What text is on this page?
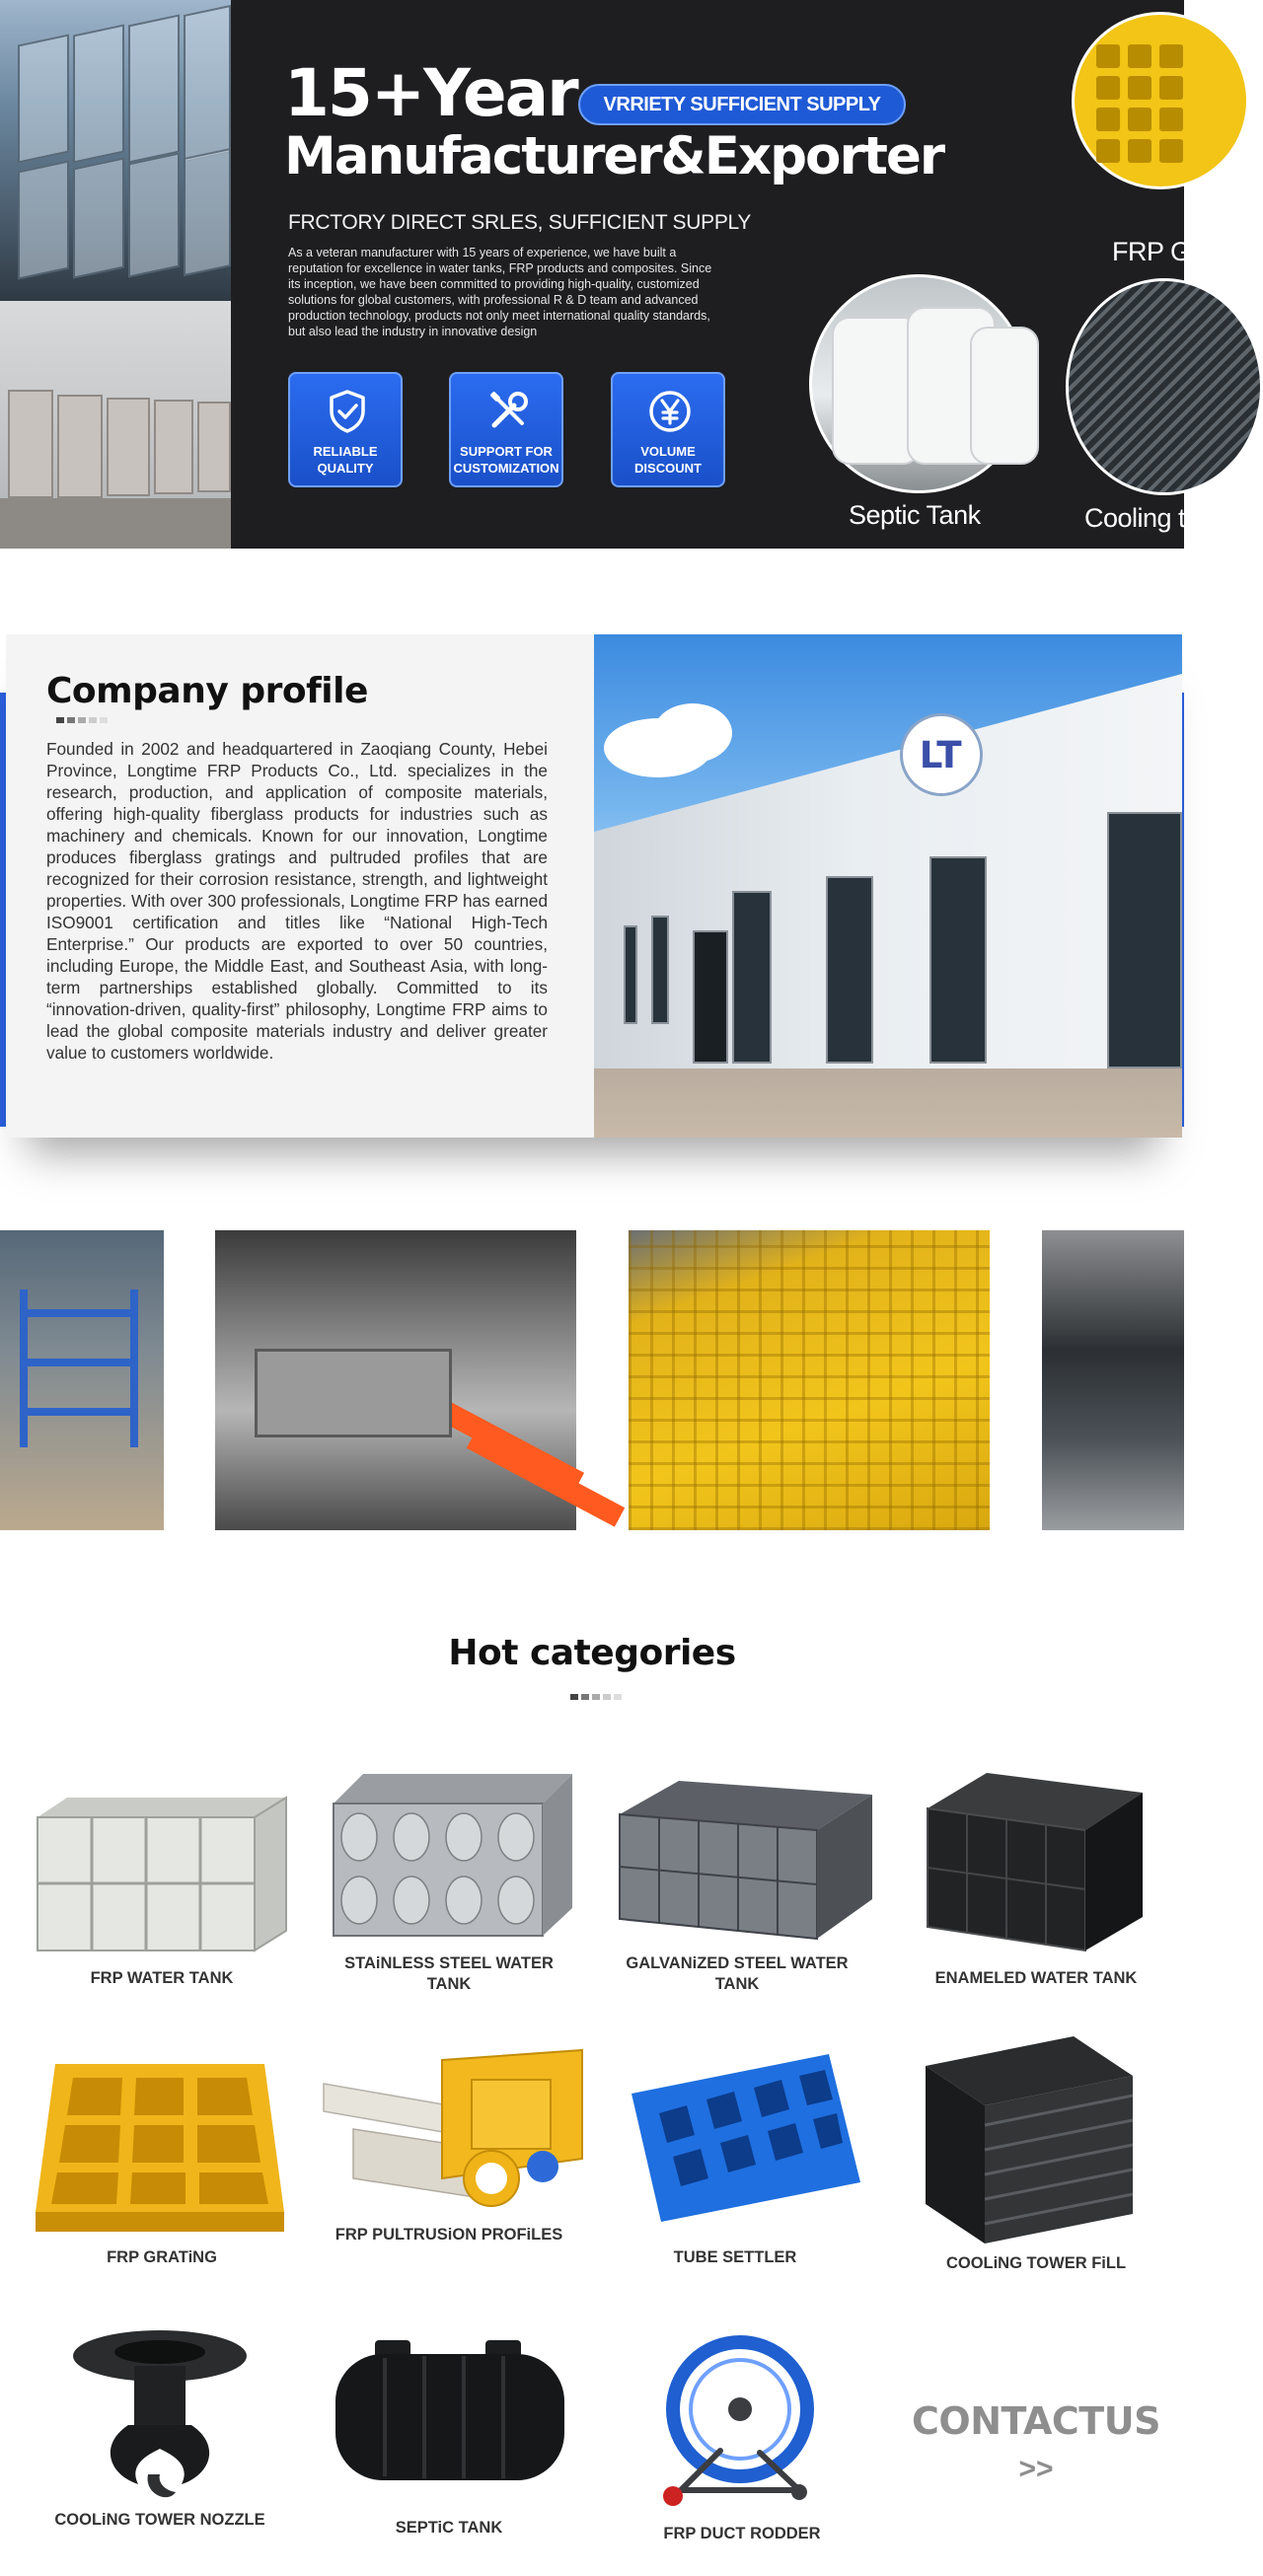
15+Year	VRRIETY SUFFICIENT SUPPLY
Manufacturer&Exporter
FRCTORY DIRECT SRLES, SUFFICIENT SUPPLY
As a veteran manufacturer with 15 years of experience, we have built a reputation for excellence in water tanks, FRP products and composites. Since its inception, we have been committed to providing high-quality, customized solutions for global customers, with professional R & D team and advanced production technology, products not only meet international quality standards, but also lead the industry in innovative design
RELIABLE QUALITY
SUPPORT FOR CUSTOMIZATION
VOLUME DISCOUNT
FRP Gr
Septic Tank	Cooling t
Company profile

Founded in 2002 and headquartered in Zaoqiang County, Hebei Province, Longtime FRP Products Co., Ltd. specializes in the research, production, and application of composite materials, offering high-quality fiberglass products for industries such as machinery and chemicals. Known for our innovation, Longtime produces fiberglass gratings and pultruded profiles that are recognized for their corrosion resistance, strength, and lightweight properties. With over 300 professionals, Longtime FRP has earned ISO9001 certification and titles like “National High-Tech Enterprise.” Our products are exported to over 50 countries, including Europe, the Middle East, and Southeast Asia, with long-term partnerships established globally. Committed to its “innovation-driven, quality-first” philosophy, Longtime FRP aims to lead the global composite materials industry and deliver greater value to customers worldwide.

LT
Hot categories
FRP WATER TANK
STAiNLESS STEEL WATER TANK
GALVANiZED STEEL WATER TANK	ENAMELED WATER TANK
FRP GRATiNG
FRP PULTRUSiON PROFiLES
TUBE SETTLER	COOLiNG TOWER FiLL
COOLiNG TOWER NOZZLE	SEPTiC TANK	FRP DUCT RODDER
CONTACTUS
>>
